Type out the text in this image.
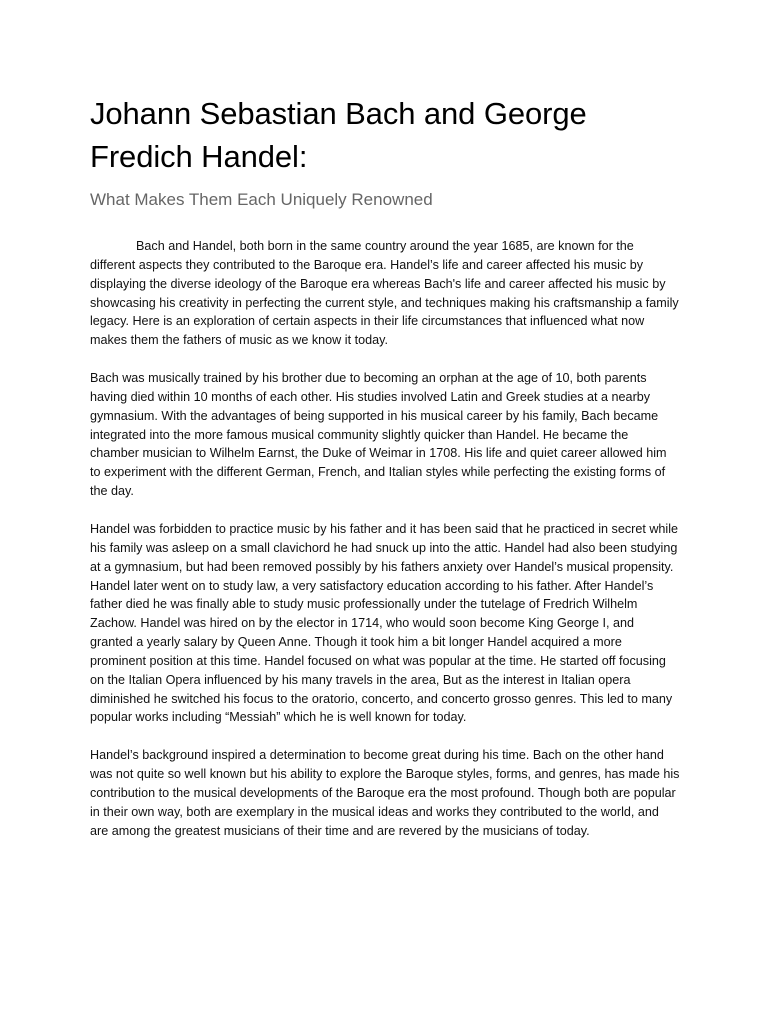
Johann Sebastian Bach and George Fredich Handel:
What Makes Them Each Uniquely Renowned

Bach and Handel, both born in the same country around the year 1685, are known for the different aspects they contributed to the Baroque era. Handel’s life and career affected his music by displaying the diverse ideology of the Baroque era whereas Bach's life and career affected his music by showcasing his creativity in perfecting the current style, and techniques making his craftsmanship a family legacy. Here is an exploration of certain aspects in their life circumstances that influenced what now makes them the fathers of music as we know it today.

Bach was musically trained by his brother due to becoming an orphan at the age of 10, both parents having died within 10 months of each other. His studies involved Latin and Greek studies at a nearby gymnasium. With the advantages of being supported in his musical career by his family, Bach became integrated into the more famous musical community slightly quicker than Handel. He became the chamber musician to Wilhelm Earnst, the Duke of Weimar in 1708. His life and quiet career allowed him to experiment with the different German, French, and Italian styles while perfecting the existing forms of the day.

Handel was forbidden to practice music by his father and it has been said that he practiced in secret while his family was asleep on a small clavichord he had snuck up into the attic. Handel had also been studying at a gymnasium, but had been removed possibly by his fathers anxiety over Handel’s musical propensity. Handel later went on to study law, a very satisfactory education according to his father. After Handel’s father died he was finally able to study music professionally under the tutelage of Fredrich Wilhelm Zachow. Handel was hired on by the elector in 1714, who would soon become King George I, and granted a yearly salary by Queen Anne. Though it took him a bit longer Handel acquired a more prominent position at this time. Handel focused on what was popular at the time. He started off focusing on the Italian Opera influenced by his many travels in the area, But as the interest in Italian opera diminished he switched his focus to the oratorio, concerto, and concerto grosso genres. This led to many popular works including “Messiah” which he is well known for today.

Handel’s background inspired a determination to become great during his time. Bach on the other hand was not quite so well known but his ability to explore the Baroque styles, forms, and genres, has made his contribution to the musical developments of the Baroque era the most profound. Though both are popular in their own way, both are exemplary in the musical ideas and works they contributed to the world, and are among the greatest musicians of their time and are revered by the musicians of today.
